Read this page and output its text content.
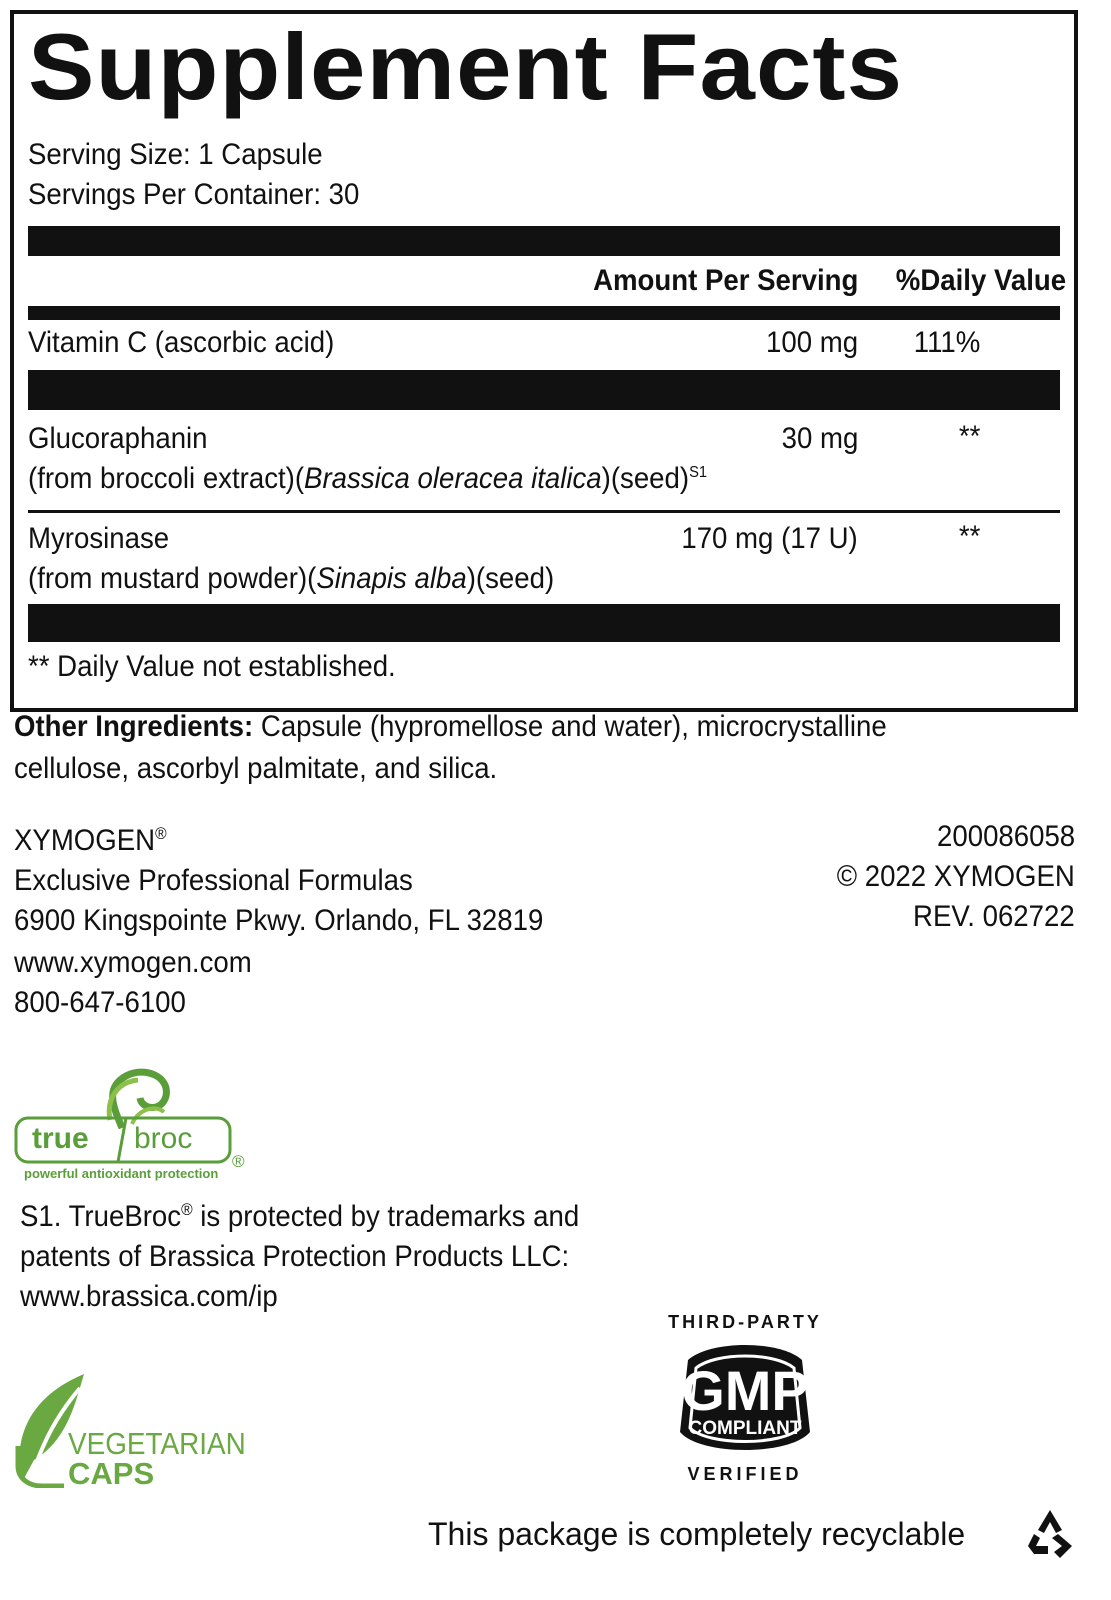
Supplement Facts
Serving Size: 1 Capsule
Servings Per Container: 30
Amount Per Serving %Daily Value
Vitamin C (ascorbic acid)	100 mg 111%
Glucoraphanin	30 mg	**
(from broccoli extract)(Brassica oleracea italica)(seed)$^{S1}$
Myrosinase	170 mg (17 U)	**
(from mustard powder)(Sinapis alba)(seed)
** Daily Value not established.
Other Ingredients: Capsule (hypromellose and water), microcrystalline
cellulose, ascorbyl palmitate, and silica.
XYMOGEN®
Exclusive Professional Formulas
6900 Kingspointe Pkwy. Orlando, FL 32819
www.xymogen.com
800-647-6100
200086058
© 2022 XYMOGEN
REV. 062722
true broc
®
powerful antioxidant protection
S1. TrueBroc® is protected by trademarks and
patents of Brassica Protection Products LLC:
www.brassica.com/ip
VEGETARIAN
CAPS
THIRD-PARTY
GMP
COMPLIANT
VERIFIED
This package is completely recyclable
